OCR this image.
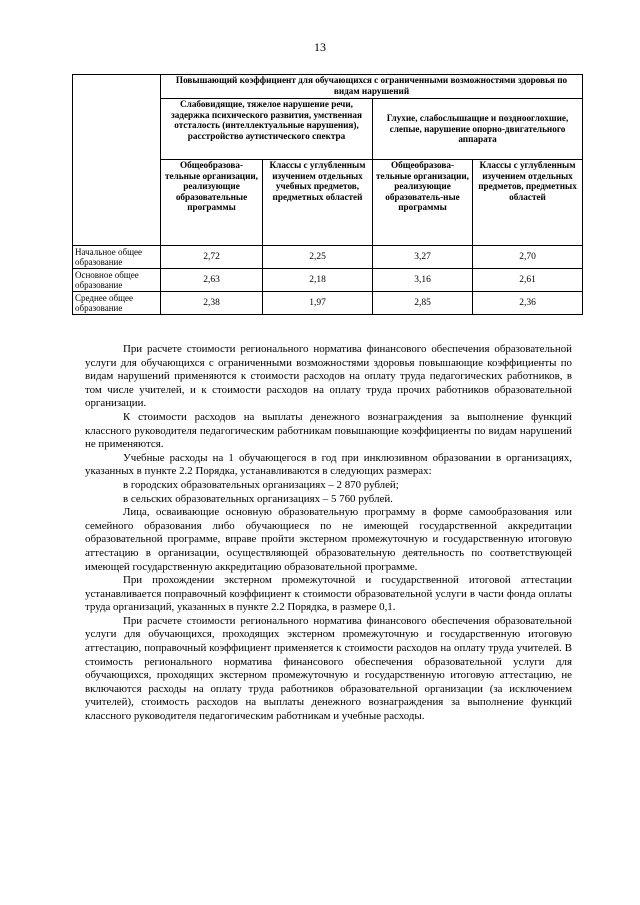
13
	Повышающий коэффициент для обучающихся с ограниченными возможностями здоровья по видам нарушений			
	Слабовидящие, тяжелое нарушение речи, задержка психического развития, умственная отсталость (интеллектуальные нарушения), расстройство аутистического спектра		Глухие, слабослышащие и позднооглохшие, слепые, нарушение опорно-двигательного аппарата	
	Общеобразова-тельные организации, реализующие образовательные программы	Классы с углубленным изучением отдельных учебных предметов, предметных областей	Общеобразова-тельные организации, реализующие образователь-ные программы	Классы с углубленным изучением отдельных предметов, предметных областей
Начальное общее образование	2,72	2,25	3,27	2,70
Основное общее образование	2,63	2,18	3,16	2,61
Среднее общее образование	2,38	1,97	2,85	2,36

При расчете стоимости регионального норматива финансового обеспечения образовательной услуги для обучающихся с ограниченными возможностями здоровья повышающие коэффициенты по видам нарушений применяются к стоимости расходов на оплату труда педагогических работников, в том числе учителей, и к стоимости расходов на оплату труда прочих работников образовательной организации.

К стоимости расходов на выплаты денежного вознаграждения за выполнение функций классного руководителя педагогическим работникам повышающие коэффициенты по видам нарушений не применяются.

Учебные расходы на 1 обучающегося в год при инклюзивном образовании в организациях, указанных в пункте 2.2 Порядка, устанавливаются в следующих размерах:

в городских образовательных организациях – 2 870 рублей;

в сельских образовательных организациях – 5 760 рублей.

Лица, осваивающие основную образовательную программу в форме самообразования или семейного образования либо обучающиеся по не имеющей государственной аккредитации образовательной программе, вправе пройти экстерном промежуточную и государственную итоговую аттестацию в организации, осуществляющей образовательную деятельность по соответствующей имеющей государственную аккредитацию образовательной программе.

При прохождении экстерном промежуточной и государственной итоговой аттестации устанавливается поправочный коэффициент к стоимости образовательной услуги в части фонда оплаты труда организаций, указанных в пункте 2.2 Порядка, в размере 0,1.

При расчете стоимости регионального норматива финансового обеспечения образовательной услуги для обучающихся, проходящих экстерном промежуточную и государственную итоговую аттестацию, поправочный коэффициент применяется к стоимости расходов на оплату труда учителей. В стоимость регионального норматива финансового обеспечения образовательной услуги для обучающихся, проходящих экстерном промежуточную и государственную итоговую аттестацию, не включаются расходы на оплату труда работников образовательной организации (за исключением учителей), стоимость расходов на выплаты денежного вознаграждения за выполнение функций классного руководителя педагогическим работникам и учебные расходы.
